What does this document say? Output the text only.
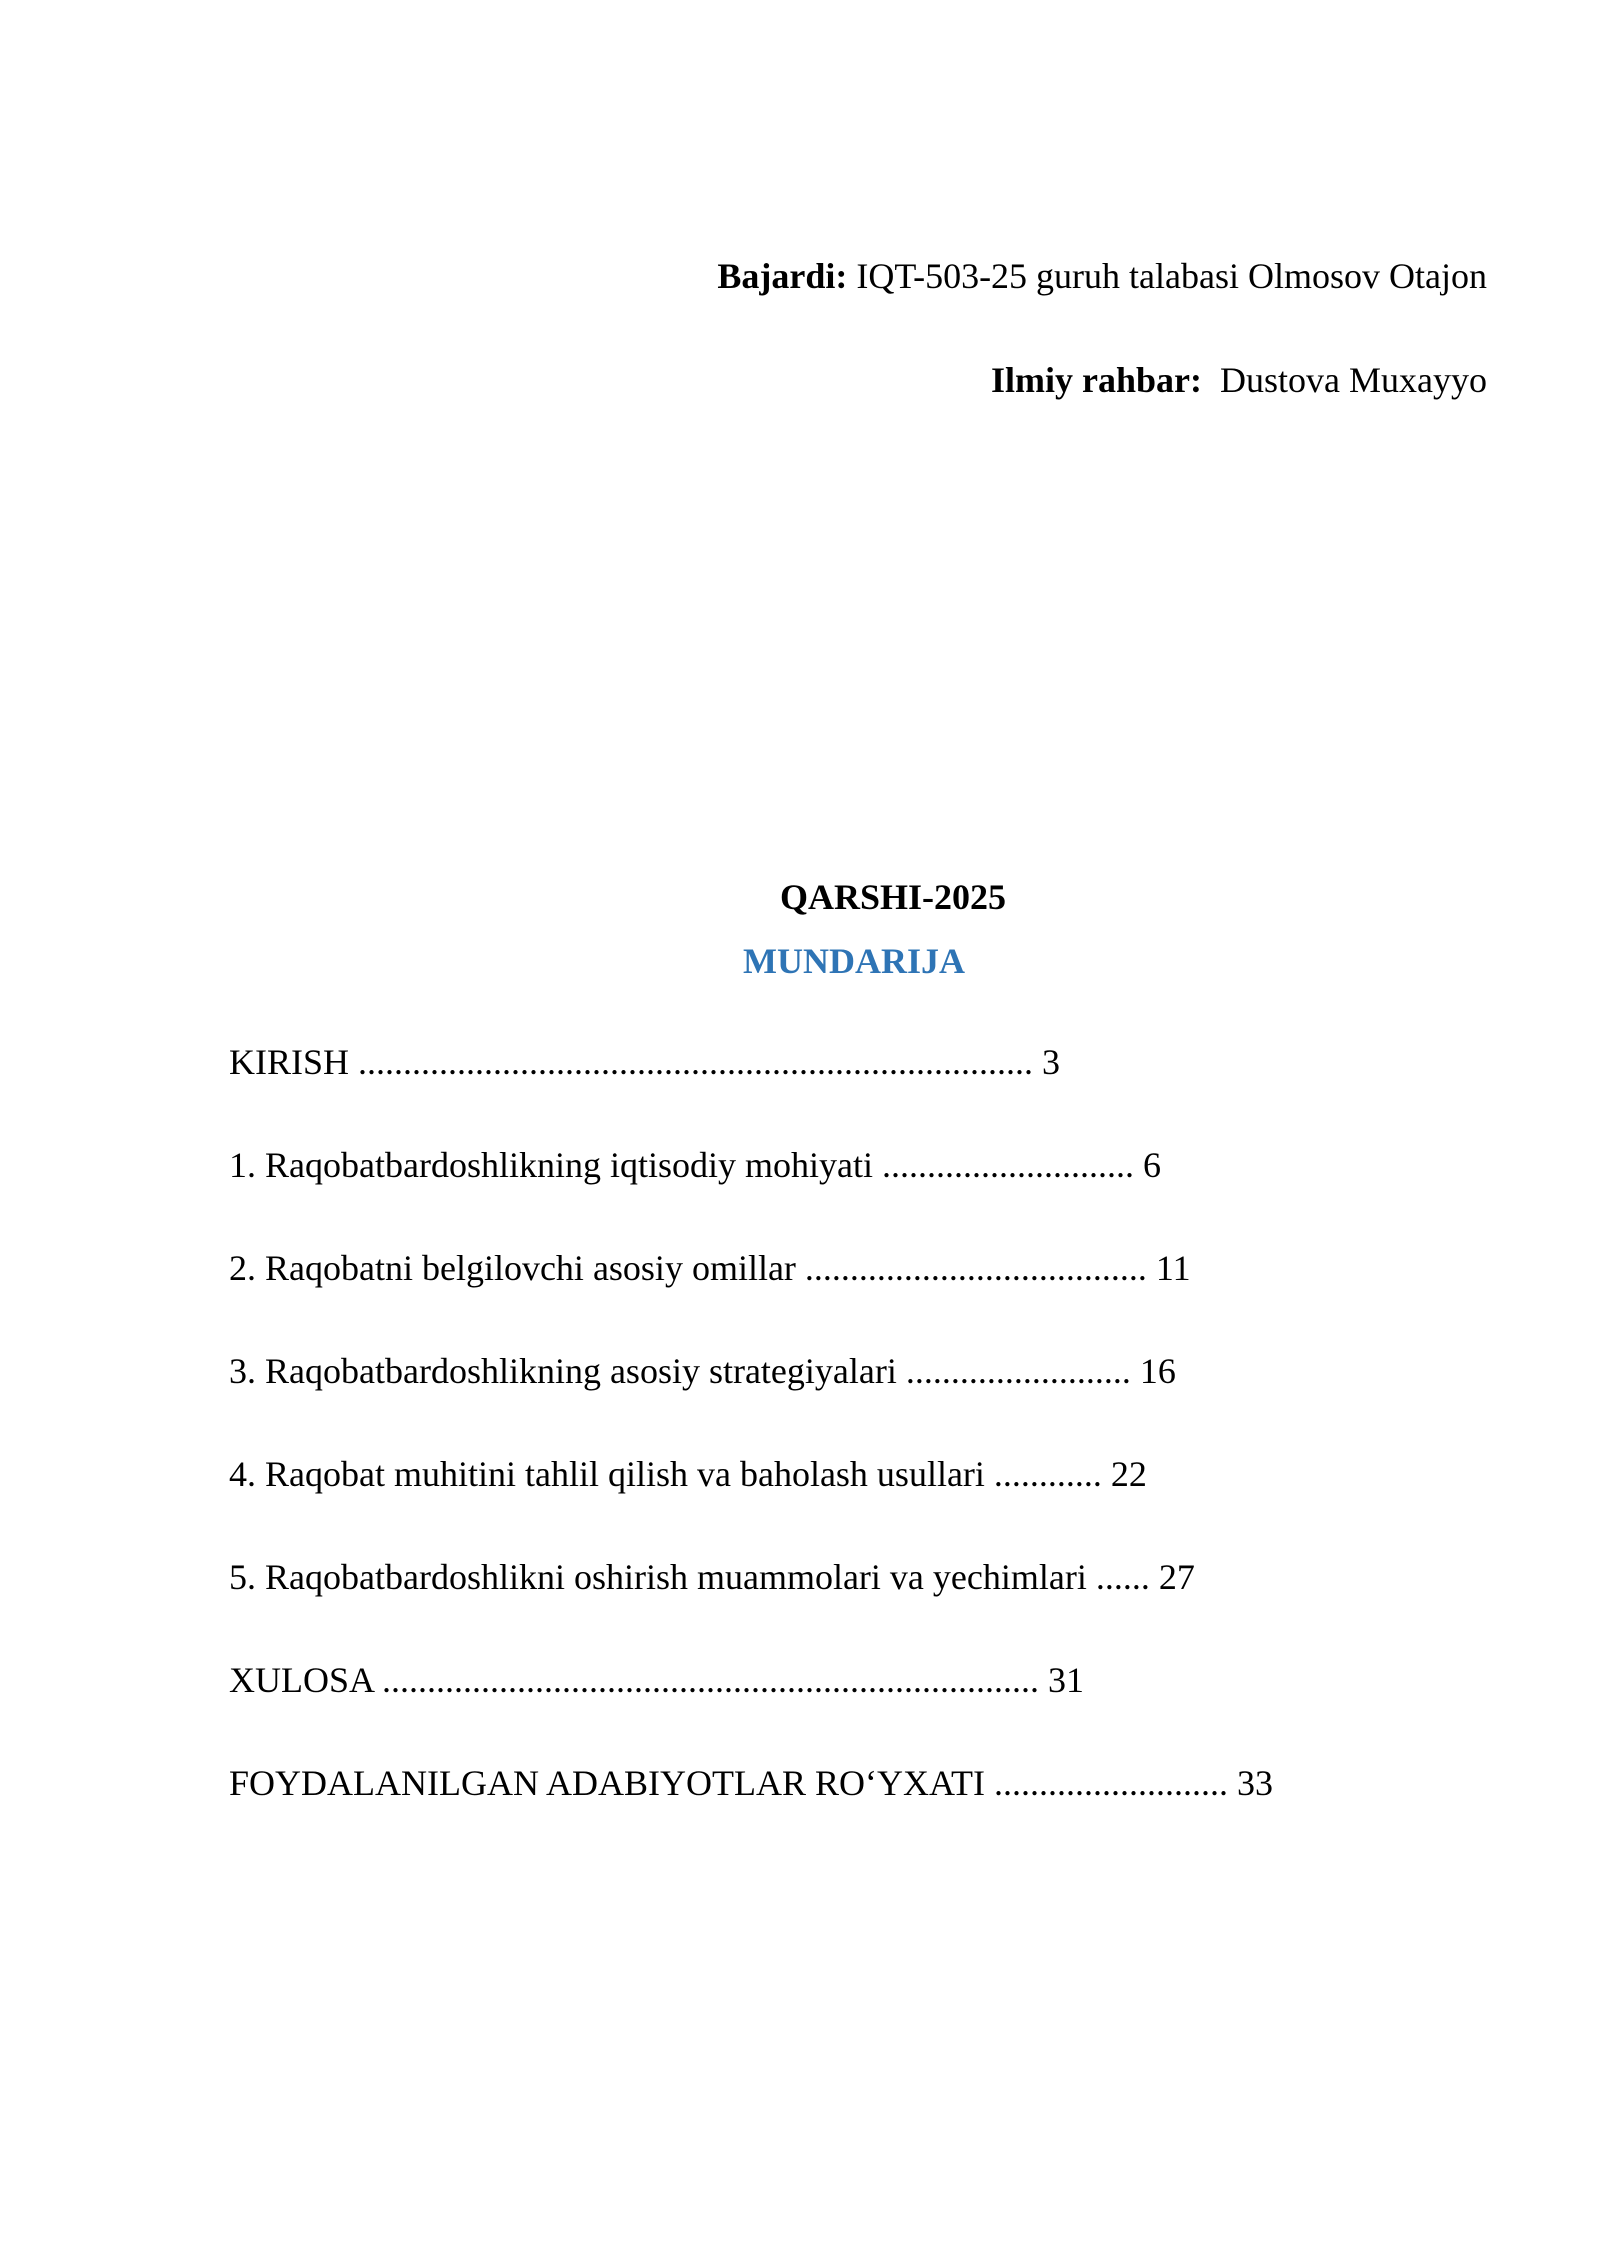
Bajardi: IQT-503-25 guruh talabasi Olmosov Otajon
Ilmiy rahbar:  Dustova Muxayyo
QARSHI-2025
MUNDARIJA
KIRISH ........................................................................... 3
1. Raqobatbardoshlikning iqtisodiy mohiyati ............................ 6
2. Raqobatni belgilovchi asosiy omillar ...................................... 11
3. Raqobatbardoshlikning asosiy strategiyalari ......................... 16
4. Raqobat muhitini tahlil qilish va baholash usullari ............ 22
5. Raqobatbardoshlikni oshirish muammolari va yechimlari ...... 27
XULOSA ......................................................................... 31
FOYDALANILGAN ADABIYOTLAR RO‘YXATI .......................... 33
